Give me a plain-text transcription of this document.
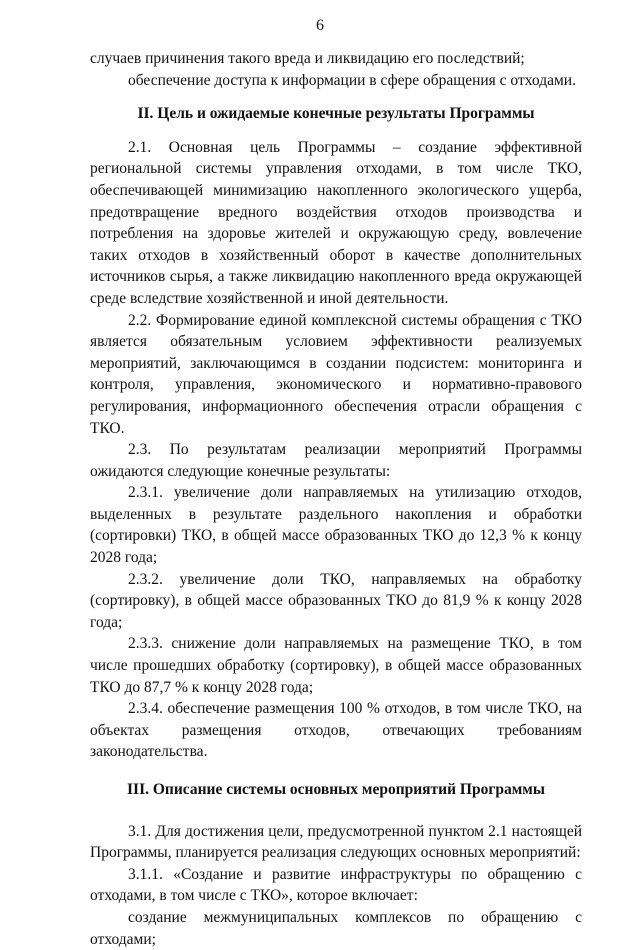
6

случаев причинения такого вреда и ликвидацию его последствий;

обеспечение доступа к информации в сфере обращения с отходами.

II. Цель и ожидаемые конечные результаты Программы

2.1. Основная цель Программы – создание эффективной региональной системы управления отходами, в том числе ТКО, обеспечивающей минимизацию накопленного экологического ущерба, предотвращение вредного воздействия отходов производства и потребления на здоровье жителей и окружающую среду, вовлечение таких отходов в хозяйственный оборот в качестве дополнительных источников сырья, а также ликвидацию накопленного вреда окружающей среде вследствие хозяйственной и иной деятельности.

2.2. Формирование единой комплексной системы обращения с ТКО является обязательным условием эффективности реализуемых мероприятий, заключающимся в создании подсистем: мониторинга и контроля, управления, экономического и нормативно-правового регулирования, информационного обеспечения отрасли обращения с ТКО.

2.3. По результатам реализации мероприятий Программы ожидаются следующие конечные результаты:

2.3.1. увеличение доли направляемых на утилизацию отходов, выделенных в результате раздельного накопления и обработки (сортировки) ТКО, в общей массе образованных ТКО до 12,3 % к концу 2028 года;

2.3.2. увеличение доли ТКО, направляемых на обработку (сортировку), в общей массе образованных ТКО до 81,9 % к концу 2028 года;

2.3.3. снижение доли направляемых на размещение ТКО, в том числе прошедших обработку (сортировку), в общей массе образованных ТКО до 87,7 % к концу 2028 года;

2.3.4. обеспечение размещения 100 % отходов, в том числе ТКО, на объектах размещения отходов, отвечающих требованиям законодательства.

III. Описание системы основных мероприятий Программы

3.1. Для достижения цели, предусмотренной пунктом 2.1 настоящей Программы, планируется реализация следующих основных мероприятий:

3.1.1. «Создание и развитие инфраструктуры по обращению с отходами, в том числе с ТКО», которое включает:

создание межмуниципальных комплексов по обращению с отходами;
